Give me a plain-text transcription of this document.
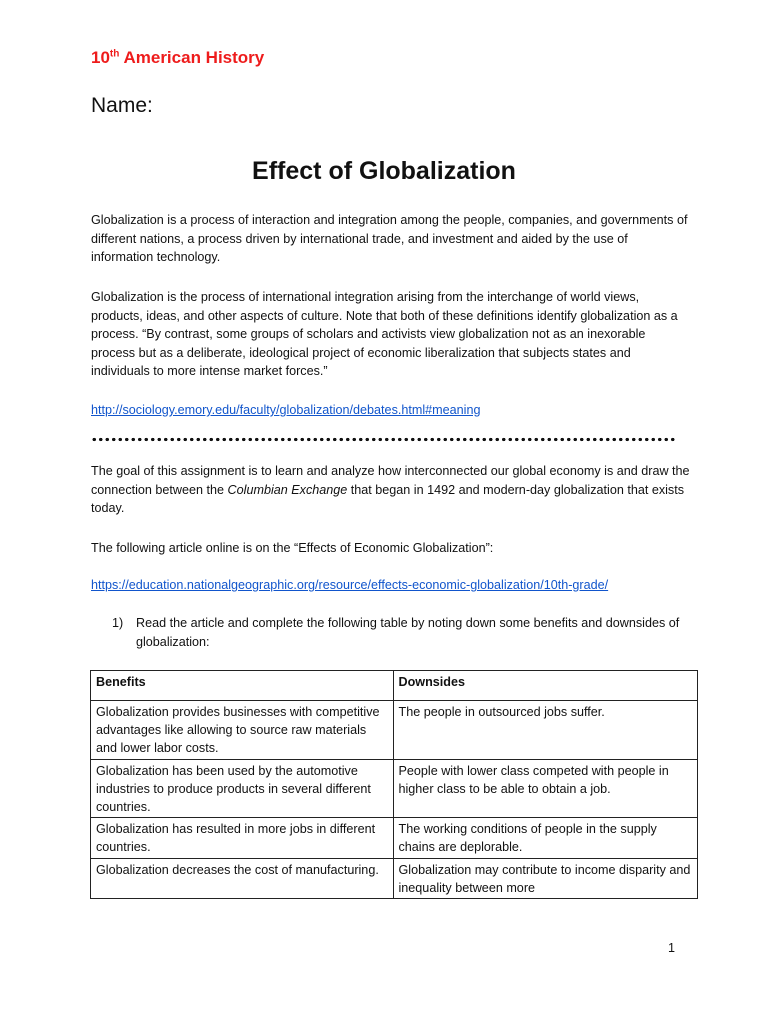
10th American History
Name:
Effect of Globalization
Globalization is a process of interaction and integration among the people, companies, and governments of different nations, a process driven by international trade, and investment and aided by the use of information technology.
Globalization is the process of international integration arising from the interchange of world views, products, ideas, and other aspects of culture. Note that both of these definitions identify globalization as a process. “By contrast, some groups of scholars and activists view globalization not as an inexorable process but as a deliberate, ideological project of economic liberalization that subjects states and individuals to more intense market forces.”
http://sociology.emory.edu/faculty/globalization/debates.html#meaning
The goal of this assignment is to learn and analyze how interconnected our global economy is and draw the connection between the Columbian Exchange that began in 1492 and modern-day globalization that exists today.
The following article online is on the “Effects of Economic Globalization”:
https://education.nationalgeographic.org/resource/effects-economic-globalization/10th-grade/
1) Read the article and complete the following table by noting down some benefits and downsides of globalization:
Benefits	Downsides
Globalization provides businesses with competitive advantages like allowing to source raw materials and lower labor costs.	The people in outsourced jobs suffer.
Globalization has been used by the automotive industries to produce products in several different countries.	People with lower class competed with people in higher class to be able to obtain a job.
Globalization has resulted in more jobs in different countries.	The working conditions of people in the supply chains are deplorable.
Globalization decreases the cost of manufacturing.	Globalization may contribute to income disparity and inequality between more
1
